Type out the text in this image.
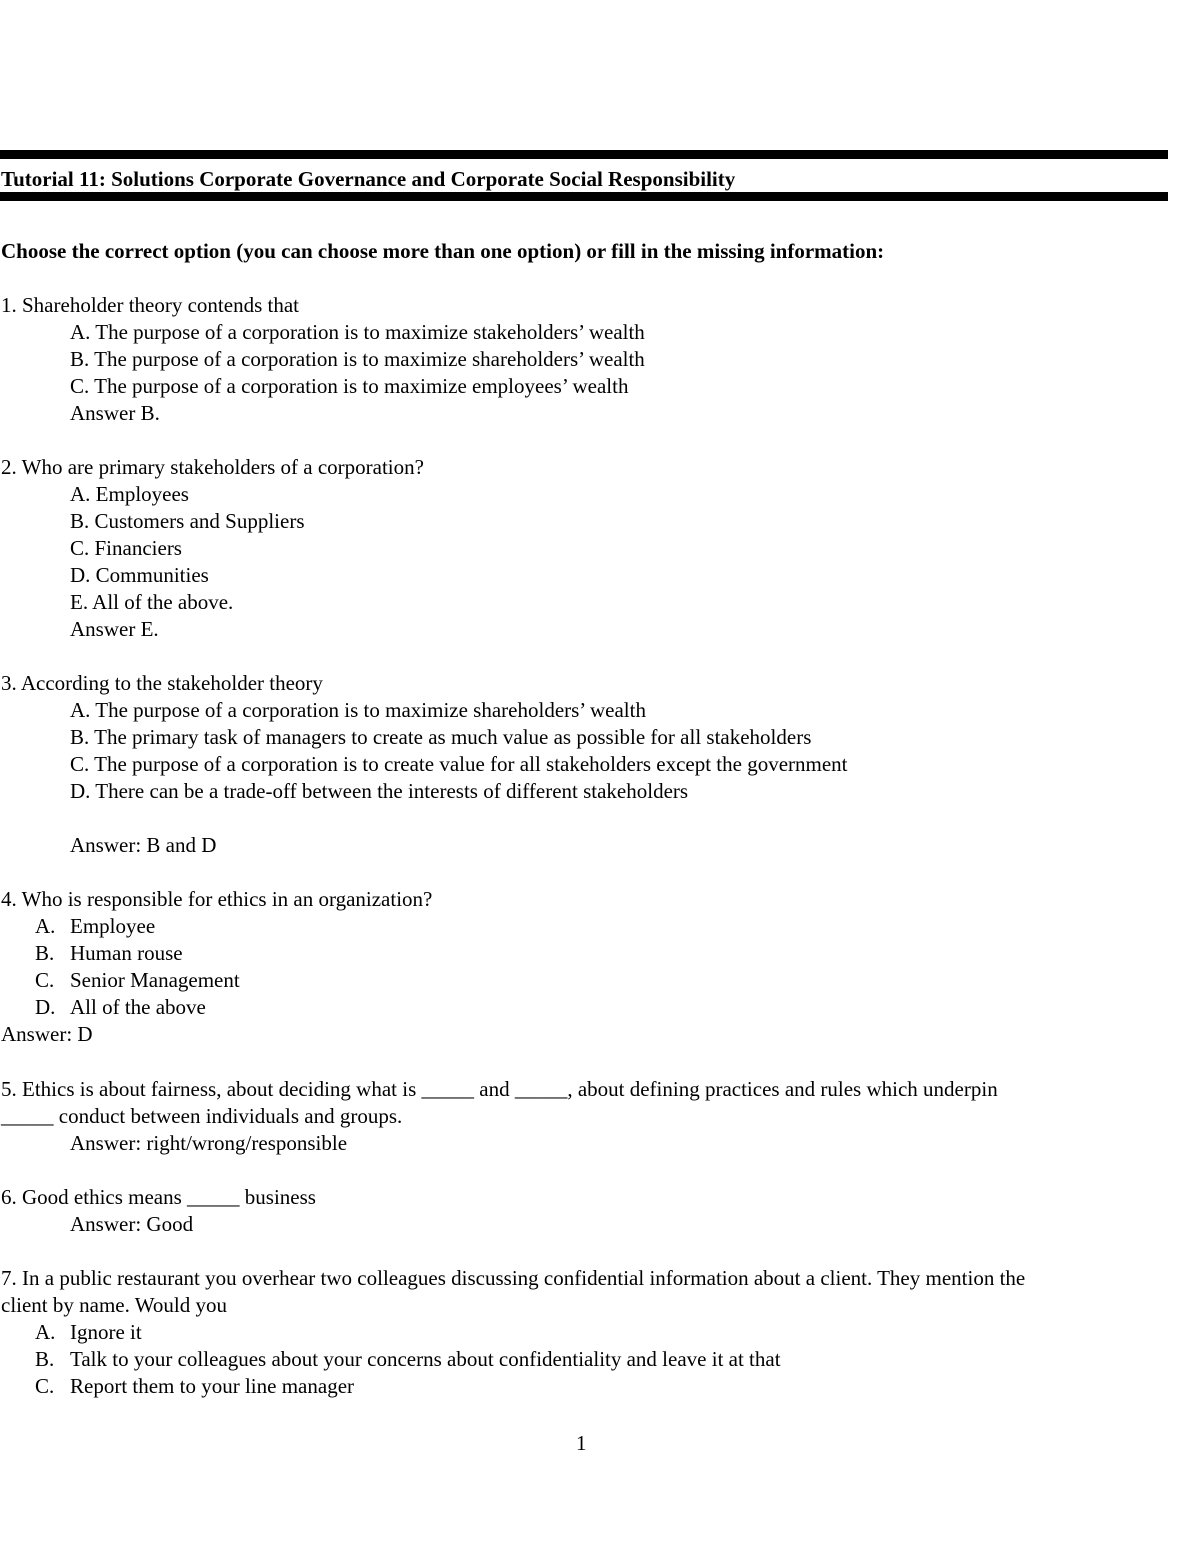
Tutorial 11: Solutions Corporate Governance and Corporate Social Responsibility
Choose the correct option (you can choose more than one option) or fill in the missing information:
1. Shareholder theory contends that
A. The purpose of a corporation is to maximize stakeholders’ wealth
B. The purpose of a corporation is to maximize shareholders’ wealth
C. The purpose of a corporation is to maximize employees’ wealth
Answer B.
2. Who are primary stakeholders of a corporation?
A. Employees
B. Customers and Suppliers
C. Financiers
D. Communities
E. All of the above.
Answer E.
3. According to the stakeholder theory
A. The purpose of a corporation is to maximize shareholders’ wealth
B. The primary task of managers to create as much value as possible for all stakeholders
C. The purpose of a corporation is to create value for all stakeholders except the government
D. There can be a trade-off between the interests of different stakeholders
Answer: B and D
4. Who is responsible for ethics in an organization?
A. Employee
B. Human rouse
C. Senior Management
D. All of the above
Answer: D
5. Ethics is about fairness, about deciding what is _____ and _____, about defining practices and rules which underpin
_____ conduct between individuals and groups.
Answer: right/wrong/responsible
6. Good ethics means _____ business
Answer: Good
7. In a public restaurant you overhear two colleagues discussing confidential information about a client. They mention the
client by name. Would you
A. Ignore it
B. Talk to your colleagues about your concerns about confidentiality and leave it at that
C. Report them to your line manager
1
